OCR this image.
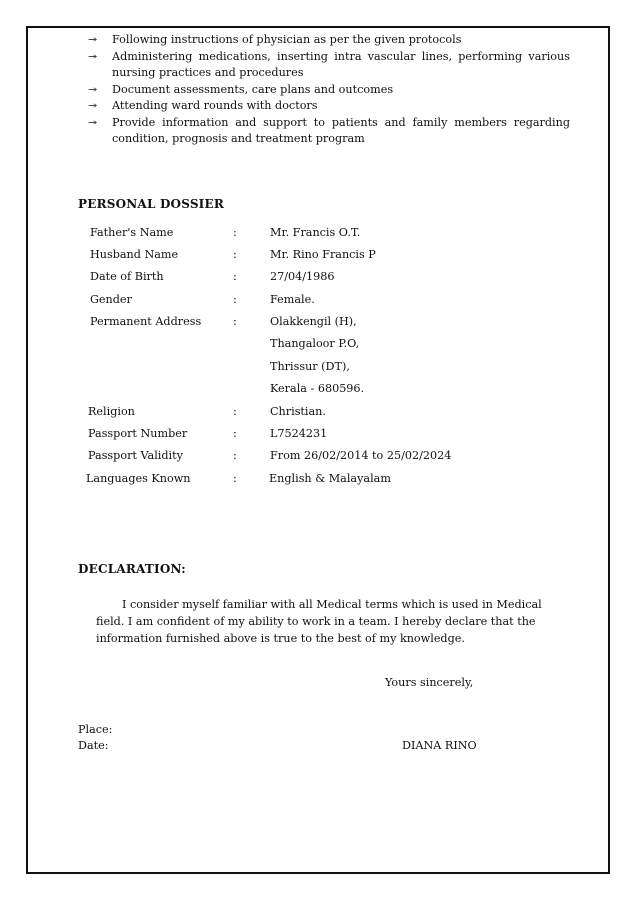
↠ Following instructions of physician as per the given protocols
↠ Administering medications, inserting intra vascular lines, performing various nursing practices and procedures
↠ Document assessments, care plans and outcomes
↠ Attending ward rounds with doctors
↠ Provide information and support to patients and family members regarding condition, prognosis and treatment program
PERSONAL DOSSIER
Father's Name	:	Mr. Francis O.T.
Husband Name	:	Mr. Rino Francis P
Date of Birth	:	27/04/1986
Gender	:	Female.
Permanent Address	:	Olakkengil (H),
Thangaloor P.O,
Thrissur (DT),
Kerala - 680596.
Religion	:	Christian.
Passport Number	:	L7524231
Passport Validity	:	From 26/02/2014 to 25/02/2024
Languages Known	:	English & Malayalam
DECLARATION:
I consider myself familiar with all Medical terms which is used in Medical field. I am confident of my ability to work in a team. I hereby declare that the information furnished above is true to the best of my knowledge.
Yours sincerely,
Place:
Date:	DIANA RINO
